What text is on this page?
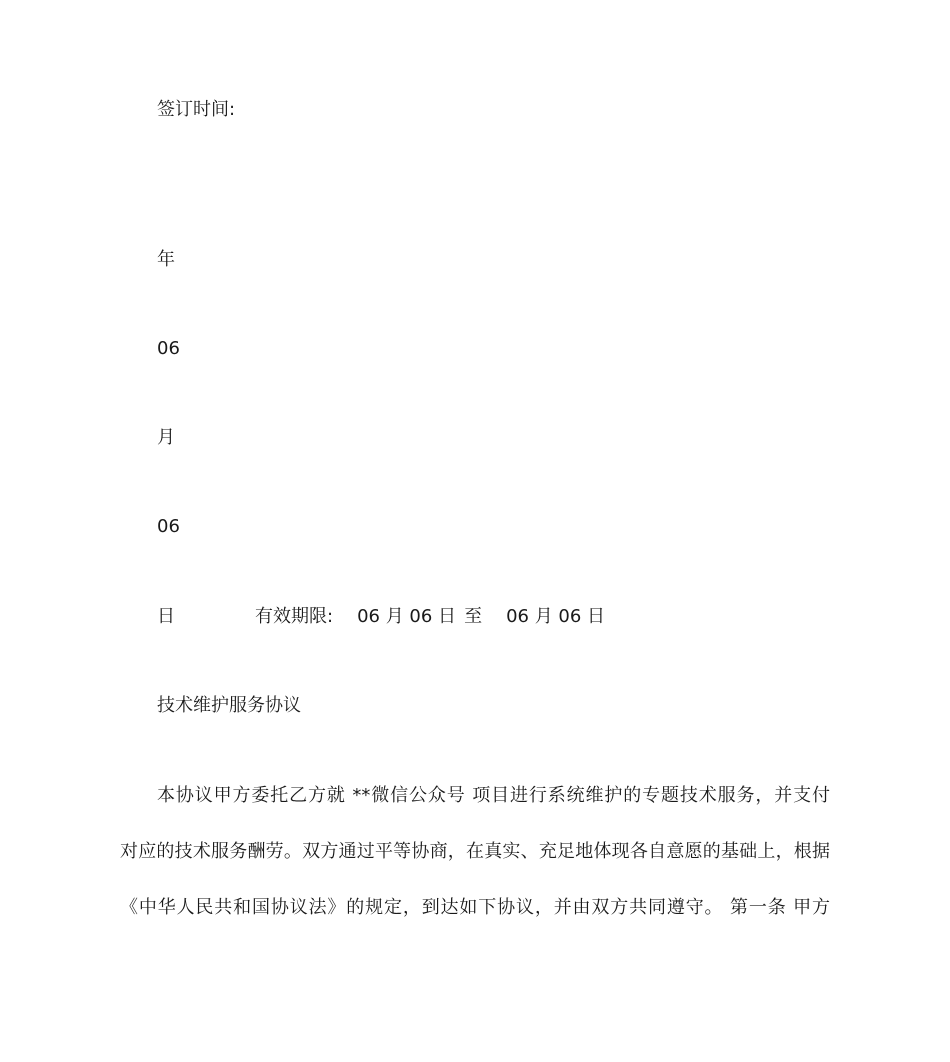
签订时间:
年
06
月
06
日	有效期限: 06 月 06 日 至 06 月 06 日
技术维护服务协议
本协议甲方委托乙方就 **微信公众号 项目进行系统维护的专题技术服务，并支付
对应的技术服务酬劳。双方通过平等协商，在真实、充足地体现各自意愿的基础上，根据
《中华人民共和国协议法》的规定，到达如下协议，并由双方共同遵守。 第一条 甲方
